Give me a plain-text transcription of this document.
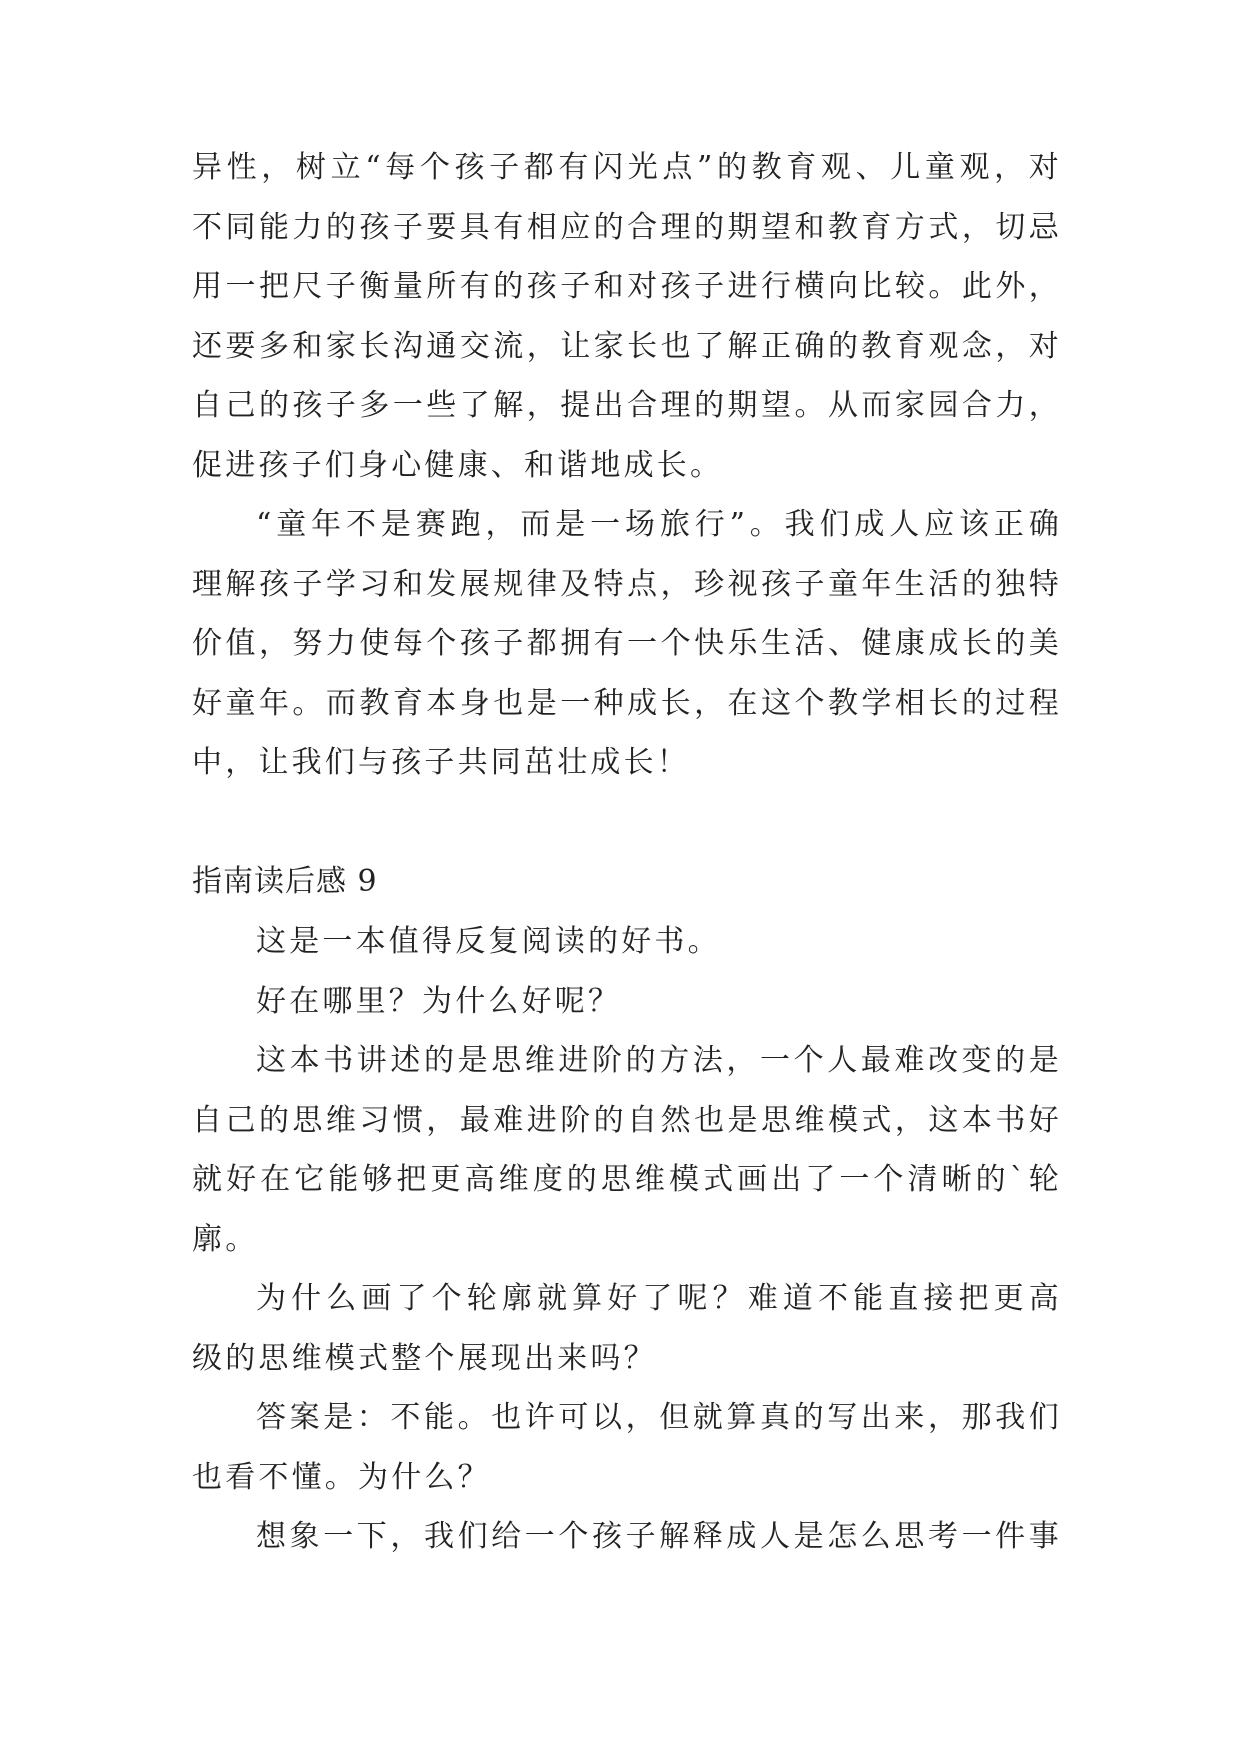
异性，树立“每个孩子都有闪光点”的教育观、儿童观，对
不同能力的孩子要具有相应的合理的期望和教育方式，切忌
用一把尺子衡量所有的孩子和对孩子进行横向比较。此外，
还要多和家长沟通交流，让家长也了解正确的教育观念，对
自己的孩子多一些了解，提出合理的期望。从而家园合力，
促进孩子们身心健康、和谐地成长。
“童年不是赛跑，而是一场旅行”。我们成人应该正确
理解孩子学习和发展规律及特点，珍视孩子童年生活的独特
价值，努力使每个孩子都拥有一个快乐生活、健康成长的美
好童年。而教育本身也是一种成长，在这个教学相长的过程
中，让我们与孩子共同茁壮成长！
指南读后感 9
这是一本值得反复阅读的好书。
好在哪里？为什么好呢？
这本书讲述的是思维进阶的方法，一个人最难改变的是
自己的思维习惯，最难进阶的自然也是思维模式，这本书好
就好在它能够把更高维度的思维模式画出了一个清晰的`轮
廓。
为什么画了个轮廓就算好了呢？难道不能直接把更高
级的思维模式整个展现出来吗？
答案是：不能。也许可以，但就算真的写出来，那我们
也看不懂。为什么？
想象一下，我们给一个孩子解释成人是怎么思考一件事
